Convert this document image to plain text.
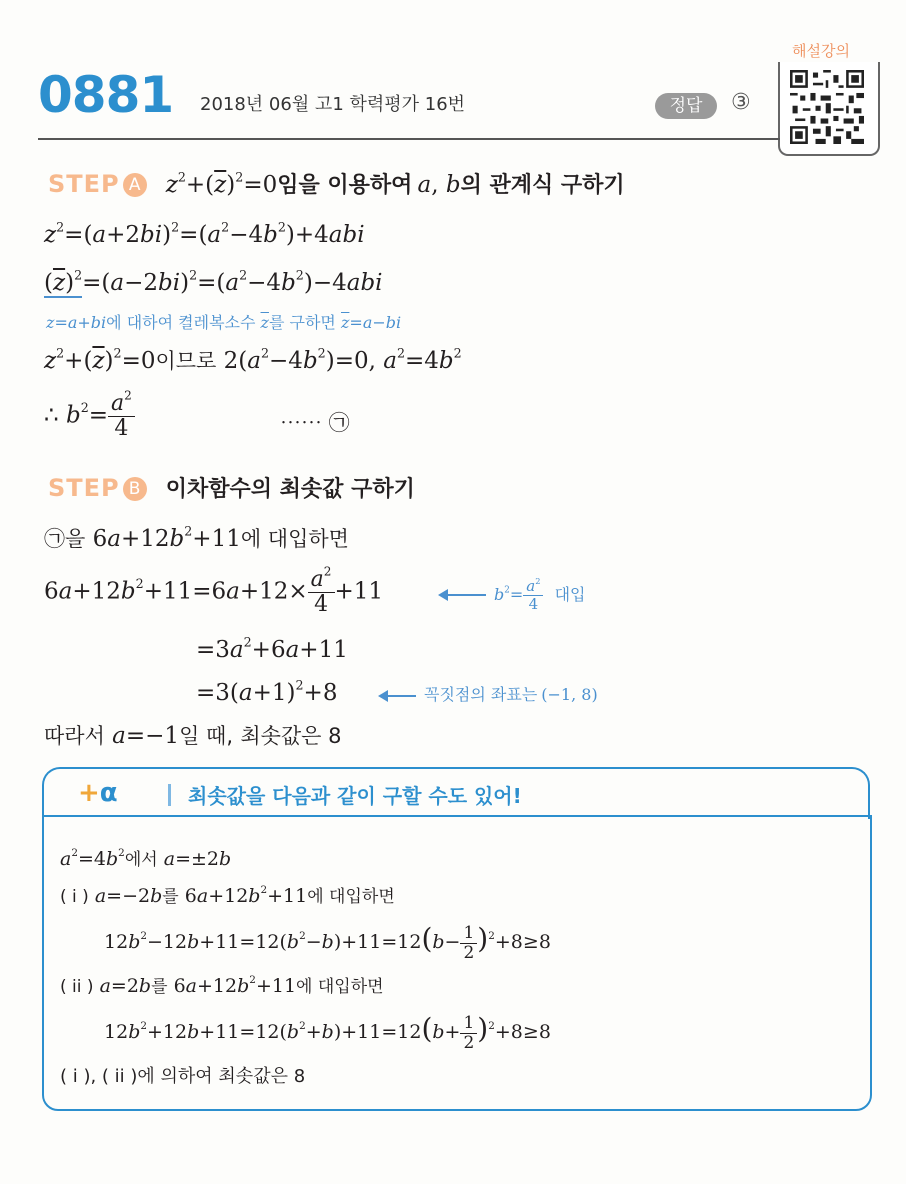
0881 2018년 06월 고1 학력평가 16번	정답	③
해설강의
STEP A $z^2+(\overline{z})^2=0$임을 이용하여 a, b의 관계식 구하기
$z^2=(a+2bi)^2=(a^2-4b^2)+4abi$
$(\overline{z})^2=(a-2bi)^2=(a^2-4b^2)-4abi$
z=a+bi에 대하여 켤레복소수 $\overline{z}$를 구하면 $\overline{z}=a-bi$
$z^2+(\overline{z})^2=0$이므로 $2(a^2-4b^2)=0$, $a^2=4b^2$
∴ $b^2= \frac{a^2}{4}$	⋯⋯ ㉠
STEP B 이차함수의 최솟값 구하기
㉠을 $6a+12b^2+11$에 대입하면
$6a+12b^2+11=6a+12\times \frac{a^2}{4} +11$	$b^2= \frac{a^2}{4}$ 대입
$=3a^2+6a+11$
$=3(a+1)^2+8$	꼭짓점의 좌표는 (−1, 8)
따라서 a=−1일 때, 최솟값은 8
+α	최솟값을 다음과 같이 구할 수도 있어!
$a^2=4b^2$에서 a=±2b
( i ) a=−2b를 $6a+12b^2+11$에 대입하면
$12b^2-12b+11=12(b^2-b)+11=12(b- \frac{1}{2} )^2+8\ge 8$
( ii ) a=2b를 $6a+12b^2+11$에 대입하면
$12b^2+12b+11=12(b^2+b)+11=12(b+ \frac{1}{2} )^2+8\ge 8$
( i ), ( ii )에 의하여 최솟값은 8
